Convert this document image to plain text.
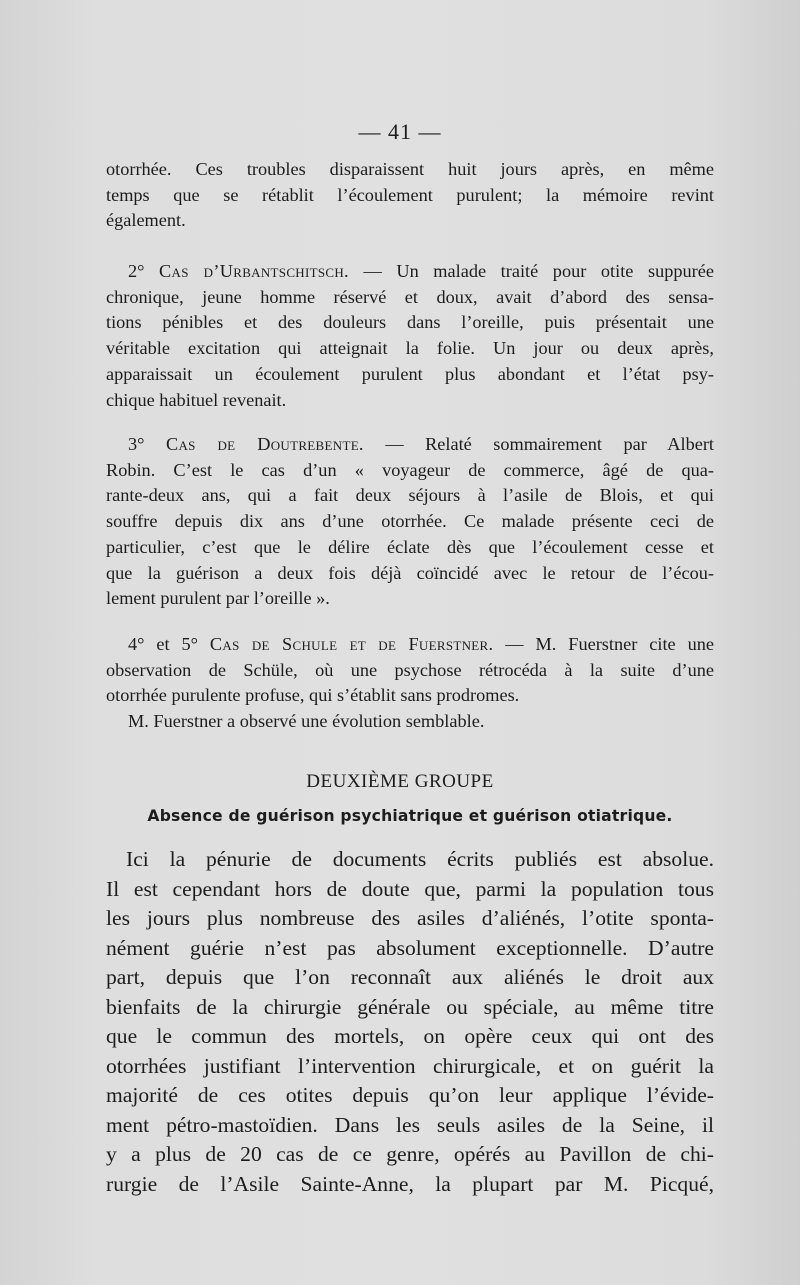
— 41 —
otorrhée. Ces troubles disparaissent huit jours après, en même
temps que se rétablit l’écoulement purulent; la mémoire revint
également.
2° Cas d’Urbantschitsch. — Un malade traité pour otite suppurée
chronique, jeune homme réservé et doux, avait d’abord des sensa-
tions pénibles et des douleurs dans l’oreille, puis présentait une
véritable excitation qui atteignait la folie. Un jour ou deux après,
apparaissait un écoulement purulent plus abondant et l’état psy-
chique habituel revenait.
3° Cas de Doutrebente. — Relaté sommairement par Albert
Robin. C’est le cas d’un « voyageur de commerce, âgé de qua-
rante-deux ans, qui a fait deux séjours à l’asile de Blois, et qui
souffre depuis dix ans d’une otorrhée. Ce malade présente ceci de
particulier, c’est que le délire éclate dès que l’écoulement cesse et
que la guérison a deux fois déjà coïncidé avec le retour de l’écou-
lement purulent par l’oreille ».
4° et 5° Cas de Schule et de Fuerstner. — M. Fuerstner cite une
observation de Schüle, où une psychose rétrocéda à la suite d’une
otorrhée purulente profuse, qui s’établit sans prodromes.
M. Fuerstner a observé une évolution semblable.
DEUXIÈME GROUPE
Absence de guérison psychiatrique et guérison otiatrique.
Ici la pénurie de documents écrits publiés est absolue.
Il est cependant hors de doute que, parmi la population tous
les jours plus nombreuse des asiles d’aliénés, l’otite sponta-
nément guérie n’est pas absolument exceptionnelle. D’autre
part, depuis que l’on reconnaît aux aliénés le droit aux
bienfaits de la chirurgie générale ou spéciale, au même titre
que le commun des mortels, on opère ceux qui ont des
otorrhées justifiant l’intervention chirurgicale, et on guérit la
majorité de ces otites depuis qu’on leur applique l’évide-
ment pétro-mastoïdien. Dans les seuls asiles de la Seine, il
y a plus de 20 cas de ce genre, opérés au Pavillon de chi-
rurgie de l’Asile Sainte-Anne, la plupart par M. Picqué,
